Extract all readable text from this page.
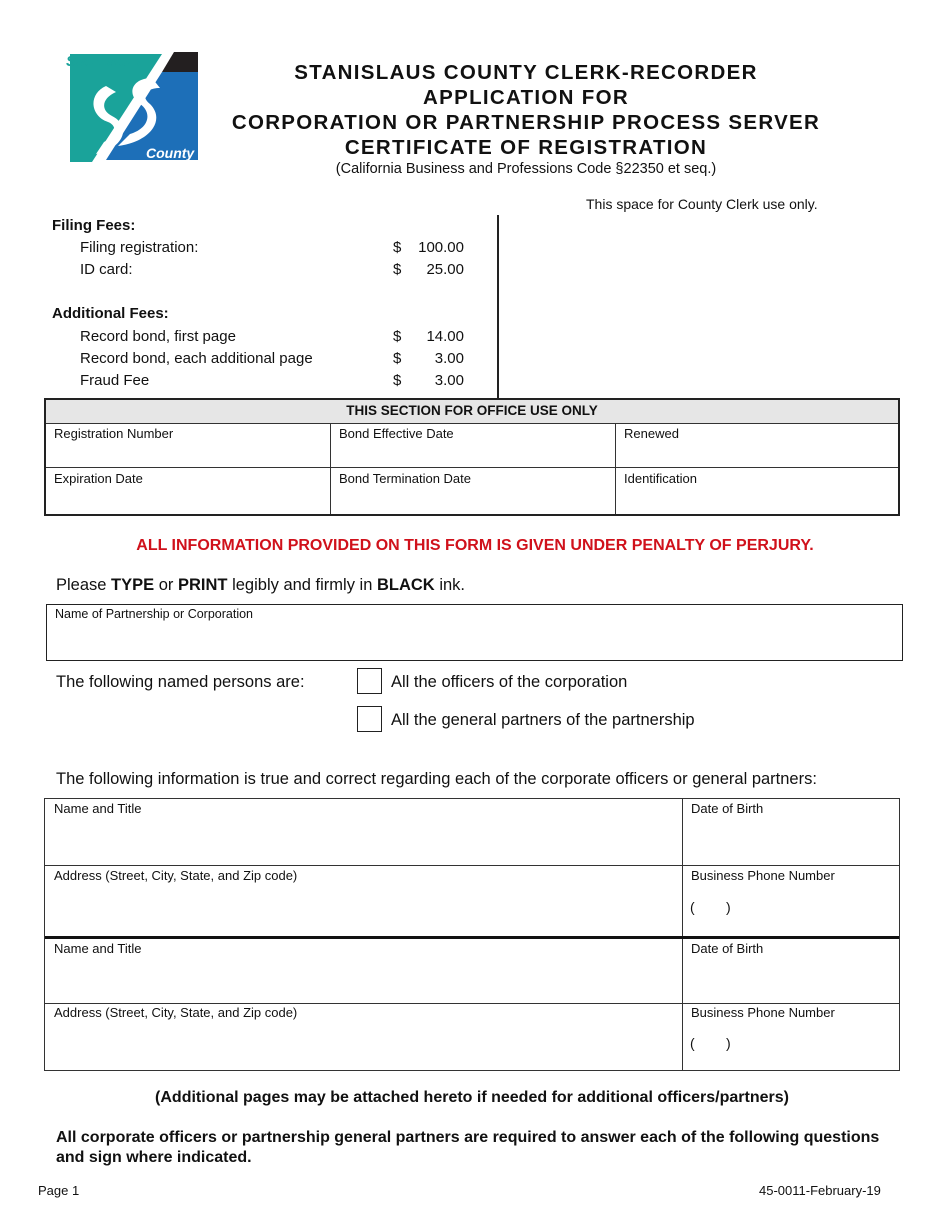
Stanislaus
County
STANISLAUS COUNTY CLERK-RECORDER
APPLICATION FOR
CORPORATION OR PARTNERSHIP PROCESS SERVER
CERTIFICATE OF REGISTRATION
(California Business and Professions Code §22350 et seq.)
This space for County Clerk use only.
Filing Fees:
Filing registration:	$	100.00
ID card:	$	25.00
Additional Fees:
Record bond, first page	$	14.00
Record bond, each additional page	$	3.00
Fraud Fee	$	3.00
THIS SECTION FOR OFFICE USE ONLY
Registration Number	Bond Effective Date	Renewed
Expiration Date	Bond Termination Date	Identification
ALL INFORMATION PROVIDED ON THIS FORM IS GIVEN UNDER PENALTY OF PERJURY.
Please TYPE or PRINT legibly and firmly in BLACK ink.
Name of Partnership or Corporation
The following named persons are:	All the officers of the corporation
All the general partners of the partnership
The following information is true and correct regarding each of the corporate officers or general partners:
Name and Title	Date of Birth
Address (Street, City, State, and Zip code)	Business Phone Number
( )
Name and Title	Date of Birth
Address (Street, City, State, and Zip code)	Business Phone Number
( )
(Additional pages may be attached hereto if needed for additional officers/partners)
All corporate officers or partnership general partners are required to answer each of the following questions and sign where indicated.
Page 1	45-0011-February-19
